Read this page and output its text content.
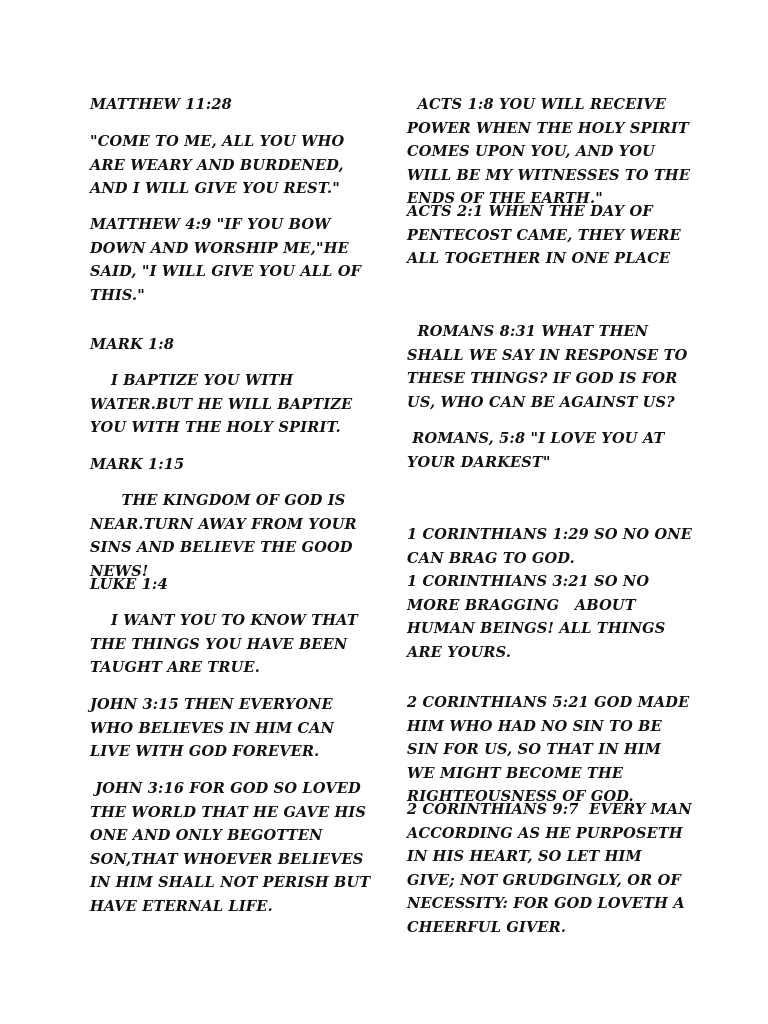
MATTHEW 11:28

"COME TO ME, ALL YOU WHO ARE WEARY AND BURDENED, AND I WILL GIVE YOU REST."

MATTHEW 4:9 "IF YOU BOW DOWN AND WORSHIP ME,"HE SAID, "I WILL GIVE YOU ALL OF THIS."

MARK 1:8

I BAPTIZE YOU WITH WATER.BUT HE WILL BAPTIZE YOU WITH THE HOLY SPIRIT.

MARK 1:15

THE KINGDOM OF GOD IS NEAR.TURN AWAY FROM YOUR SINS AND BELIEVE THE GOOD NEWS!

LUKE 1:4

I WANT YOU TO KNOW THAT THE THINGS YOU HAVE BEEN TAUGHT ARE TRUE.

JOHN 3:15 THEN EVERYONE WHO BELIEVES IN HIM CAN LIVE WITH GOD FOREVER.

JOHN 3:16 FOR GOD SO LOVED THE WORLD THAT HE GAVE HIS ONE AND ONLY BEGOTTEN SON,THAT WHOEVER BELIEVES IN HIM SHALL NOT PERISH BUT HAVE ETERNAL LIFE.

ACTS 1:8 YOU WILL RECEIVE POWER WHEN THE HOLY SPIRIT COMES UPON YOU, AND YOU WILL BE MY WITNESSES TO THE ENDS OF THE EARTH."

ACTS 2:1 WHEN THE DAY OF PENTECOST CAME, THEY WERE ALL TOGETHER IN ONE PLACE

ROMANS 8:31 WHAT THEN SHALL WE SAY IN RESPONSE TO THESE THINGS? IF GOD IS FOR US, WHO CAN BE AGAINST US?

ROMANS, 5:8 "I LOVE YOU AT YOUR DARKEST"

1 CORINTHIANS 1:29 SO NO ONE CAN BRAG TO GOD.
1 CORINTHIANS 3:21 SO NO MORE BRAGGING   ABOUT HUMAN BEINGS! ALL THINGS ARE YOURS.

2 CORINTHIANS 5:21 GOD MADE HIM WHO HAD NO SIN TO BE SIN FOR US, SO THAT IN HIM WE MIGHT BECOME THE RIGHTEOUSNESS OF GOD.

2 CORINTHIANS 9:7  EVERY MAN ACCORDING AS HE PURPOSETH IN HIS HEART, SO LET HIM GIVE; NOT GRUDGINGLY, OR OF NECESSITY: FOR GOD LOVETH A CHEERFUL GIVER.
